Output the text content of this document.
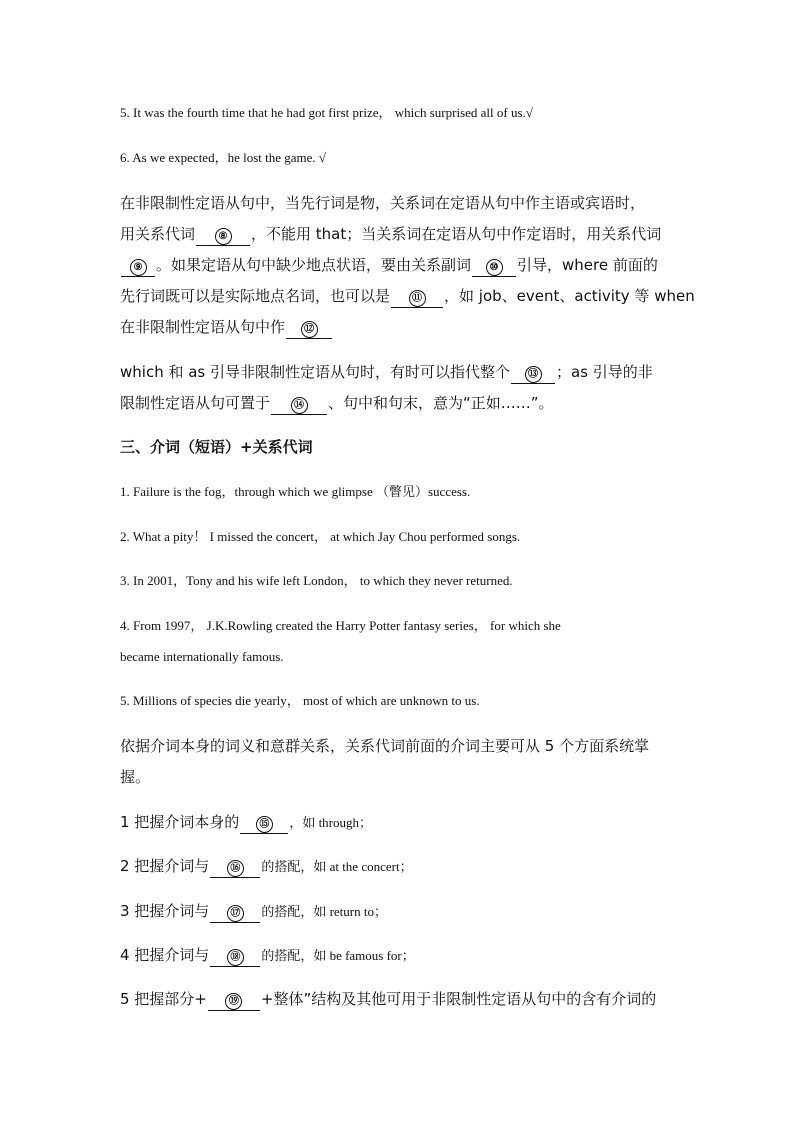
5. It was the fourth time that he had got first prize， which surprised all of us.√
6. As we expected，he lost the game. √
在非限制性定语从句中，当先行词是物，关系词在定语从句中作主语或宾语时，
用关系代词 ⑧ ，不能用 that；当关系词在定语从句中作定语时，用关系代词
⑨ 。如果定语从句中缺少地点状语，要由关系副词 ⑩ 引导，where 前面的
先行词既可以是实际地点名词，也可以是 ⑪ ，如 job、event、activity 等 when
在非限制性定语从句中作 ⑫
which 和 as 引导非限制性定语从句时，有时可以指代整个 ⑬ ；as 引导的非
限制性定语从句可置于 ⑭ 、句中和句末，意为“正如……”。
三、介词（短语）+关系代词
1. Failure is the fog，through which we glimpse （瞥见）success.
2. What a pity！ I missed the concert， at which Jay Chou performed songs.
3. In 2001，Tony and his wife left London， to which they never returned.
4. From 1997， J.K.Rowling created the Harry Potter fantasy series， for which she
became internationally famous.
5. Millions of species die yearly， most of which are unknown to us.
依据介词本身的词义和意群关系，关系代词前面的介词主要可从 5 个方面系统掌
握。
1 把握介词本身的 ⑮ ，如 through；
2 把握介词与 ⑯ 的搭配，如 at the concert；
3 把握介词与 ⑰ 的搭配，如 return to；
4 把握介词与 ⑱ 的搭配，如 be famous for；
5 把握部分+ ⑲ +整体”结构及其他可用于非限制性定语从句中的含有介词的
